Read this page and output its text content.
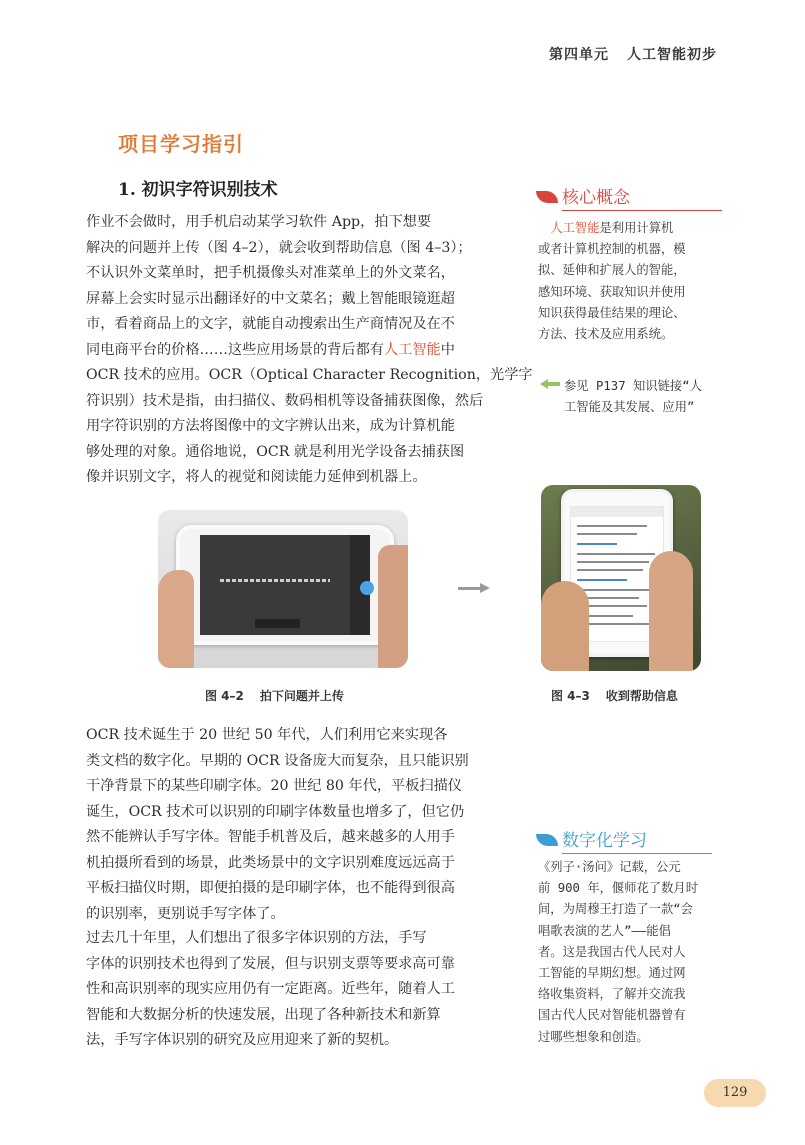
第四单元 人工智能初步
项目学习指引
1. 初识字符识别技术
作业不会做时，用手机启动某学习软件 App，拍下想要
解决的问题并上传（图 4–2），就会收到帮助信息（图 4–3）；
不认识外文菜单时，把手机摄像头对准菜单上的外文菜名，
屏幕上会实时显示出翻译好的中文菜名；戴上智能眼镜逛超
市，看着商品上的文字，就能自动搜索出生产商情况及在不
同电商平台的价格……这些应用场景的背后都有人工智能中
OCR 技术的应用。OCR（Optical Character Recognition，光学字
符识别）技术是指，由扫描仪、数码相机等设备捕获图像，然后
用字符识别的方法将图像中的文字辨认出来，成为计算机能
够处理的对象。通俗地说，OCR 就是利用光学设备去捕获图
像并识别文字，将人的视觉和阅读能力延伸到机器上。
核心概念
　人工智能是利用计算机
或者计算机控制的机器，模
拟、延伸和扩展人的智能，
感知环境、获取知识并使用
知识获得最佳结果的理论、
方法、技术及应用系统。
参见 P137 知识链接“人
工智能及其发展、应用”
图 4–2 拍下问题并上传	图 4–3 收到帮助信息
OCR 技术诞生于 20 世纪 50 年代，人们利用它来实现各
类文档的数字化。早期的 OCR 设备庞大而复杂，且只能识别
干净背景下的某些印刷字体。20 世纪 80 年代，平板扫描仪
诞生，OCR 技术可以识别的印刷字体数量也增多了，但它仍
然不能辨认手写字体。智能手机普及后，越来越多的人用手
机拍摄所看到的场景，此类场景中的文字识别难度远远高于
平板扫描仪时期，即便拍摄的是印刷字体，也不能得到很高
的识别率，更别说手写字体了。
数字化学习
《列子·汤问》记载，公元
前 900 年，偃师花了数月时
间，为周穆王打造了一款“会
唱歌表演的艺人”——能倡
者。这是我国古代人民对人
工智能的早期幻想。通过网
络收集资料，了解并交流我
国古代人民对智能机器曾有
过哪些想象和创造。
过去几十年里，人们想出了很多字体识别的方法，手写
字体的识别技术也得到了发展，但与识别支票等要求高可靠
性和高识别率的现实应用仍有一定距离。近些年，随着人工
智能和大数据分析的快速发展，出现了各种新技术和新算
法，手写字体识别的研究及应用迎来了新的契机。
129
